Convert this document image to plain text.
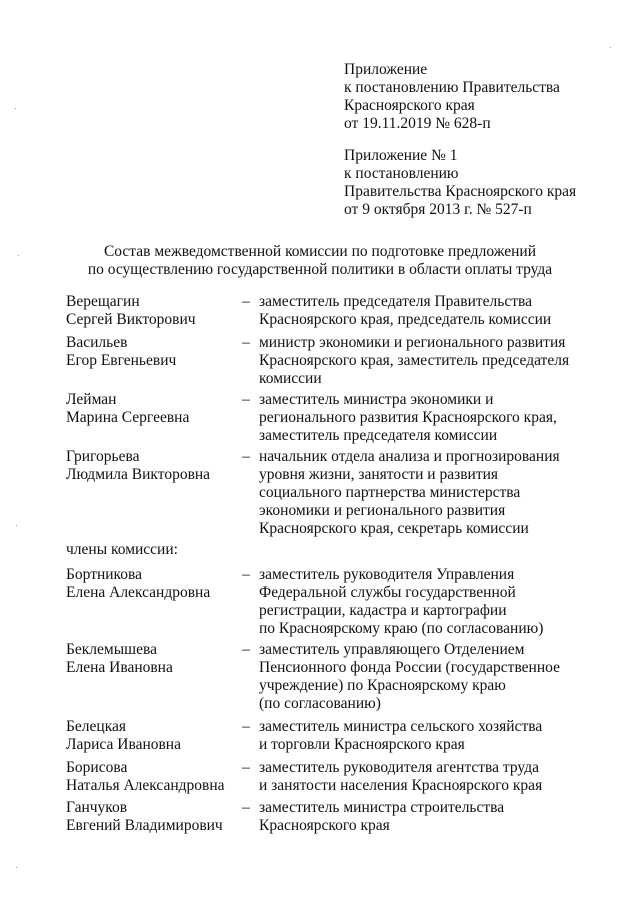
Приложение
к постановлению Правительства
Красноярского края
от 19.11.2019 № 628-п
Приложение № 1
к постановлению
Правительства Красноярского края
от 9 октября 2013 г. № 527-п
Состав межведомственной комиссии по подготовке предложений
по осуществлению государственной политики в области оплаты труда
Верещагин
Сергей Викторович
– заместитель председателя Правительства
Красноярского края, председатель комиссии
Васильев
Егор Евгеньевич
– министр экономики и регионального развития
Красноярского края, заместитель председателя
комиссии
Лейман
Марина Сергеевна
– заместитель министра экономики и
регионального развития Красноярского края,
заместитель председателя комиссии
Григорьева
Людмила Викторовна
– начальник отдела анализа и прогнозирования
уровня жизни, занятости и развития
социального партнерства министерства
экономики и регионального развития
Красноярского края, секретарь комиссии
члены комиссии:
Бортникова
Елена Александровна
– заместитель руководителя Управления
Федеральной службы государственной
регистрации, кадастра и картографии
по Красноярскому краю (по согласованию)
Беклемышева
Елена Ивановна
– заместитель управляющего Отделением
Пенсионного фонда России (государственное
учреждение) по Красноярскому краю
(по согласованию)
Белецкая
Лариса Ивановна
– заместитель министра сельского хозяйства
и торговли Красноярского края
Борисова
Наталья Александровна
– заместитель руководителя агентства труда
и занятости населения Красноярского края
Ганчуков
Евгений Владимирович
– заместитель министра строительства
Красноярского края
